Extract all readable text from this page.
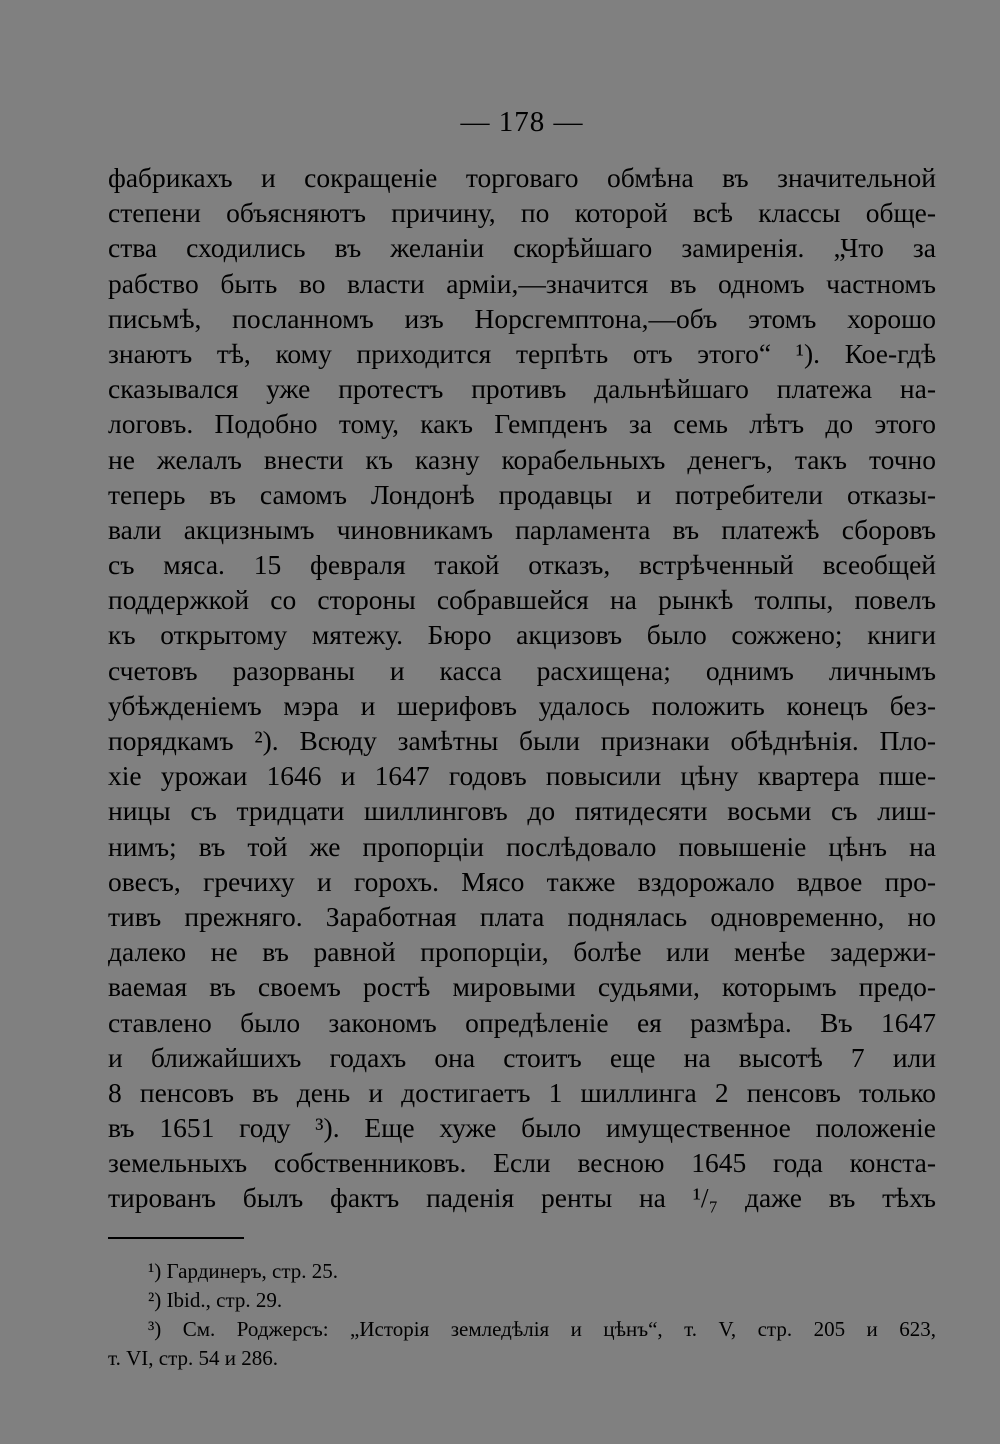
— 178 —
фабрикахъ и сокращеніе торговаго обмѣна въ значительной
степени объясняютъ причину, по которой всѣ классы обще-
ства сходились въ желаніи скорѣйшаго замиренія. „Что за
рабство быть во власти арміи,—значится въ одномъ частномъ
письмѣ, посланномъ изъ Норсгемптона,—объ этомъ хорошо
знаютъ тѣ, кому приходится терпѣть отъ этого“ ¹). Кое-гдѣ
сказывался уже протестъ противъ дальнѣйшаго платежа на-
логовъ. Подобно тому, какъ Гемпденъ за семь лѣтъ до этого
не желалъ внести къ казну корабельныхъ денегъ, такъ точно
теперь въ самомъ Лондонѣ продавцы и потребители отказы-
вали акцизнымъ чиновникамъ парламента въ платежѣ сборовъ
съ мяса. 15 февраля такой отказъ, встрѣченный всеобщей
поддержкой со стороны собравшейся на рынкѣ толпы, повелъ
къ открытому мятежу. Бюро акцизовъ было сожжено; книги
счетовъ разорваны и касса расхищена; однимъ личнымъ
убѣжденіемъ мэра и шерифовъ удалось положить конецъ без-
порядкамъ ²). Всюду замѣтны были признаки обѣднѣнія. Пло-
хіе урожаи 1646 и 1647 годовъ повысили цѣну квартера пше-
ницы съ тридцати шиллинговъ до пятидесяти восьми съ лиш-
нимъ; въ той же пропорціи послѣдовало повышеніе цѣнъ на
овесъ, гречиху и горохъ. Мясо также вздорожало вдвое про-
тивъ прежняго. Заработная плата поднялась одновременно, но
далеко не въ равной пропорціи, болѣе или менѣе задержи-
ваемая въ своемъ ростѣ мировыми судьями, которымъ предо-
ставлено было закономъ опредѣленіе ея размѣра. Въ 1647
и ближайшихъ годахъ она стоитъ еще на высотѣ 7 или
8 пенсовъ въ день и достигаетъ 1 шиллинга 2 пенсовъ только
въ 1651 году ³). Еще хуже было имущественное положеніе
земельныхъ собственниковъ. Если весною 1645 года конста-
тированъ былъ фактъ паденія ренты на ¹/₇ даже въ тѣхъ
¹) Гардинеръ, стр. 25.
²) Ibid., стр. 29.
³) См. Роджерсъ: „Исторія земледѣлія и цѣнъ“, т. V, стр. 205 и 623,
т. VI, стр. 54 и 286.
